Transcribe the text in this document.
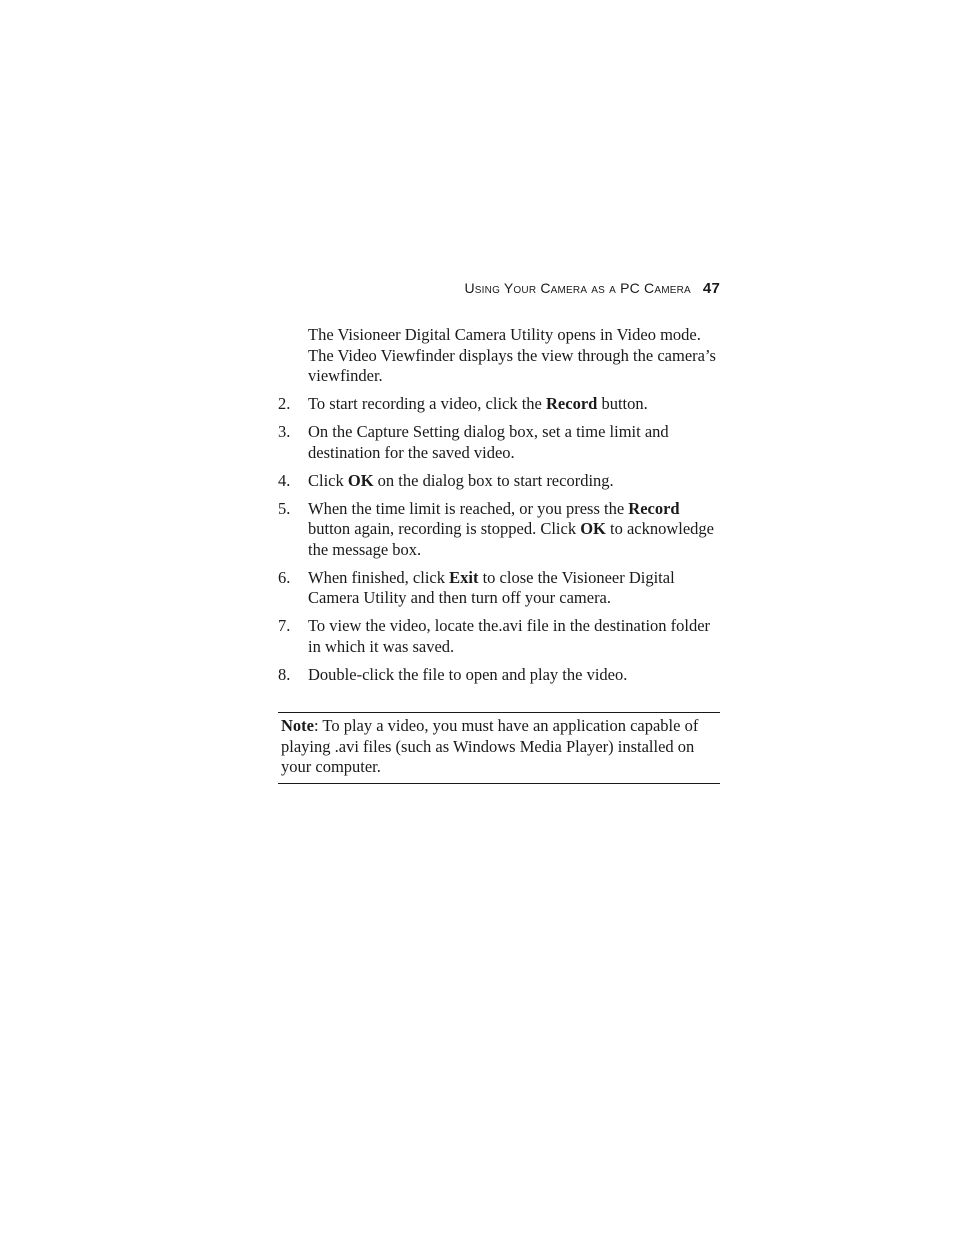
Using Your Camera as a PC Camera 47
The Visioneer Digital Camera Utility opens in Video mode. The Video Viewfinder displays the view through the camera’s viewfinder.
2. To start recording a video, click the Record button.
3. On the Capture Setting dialog box, set a time limit and destination for the saved video.
4. Click OK on the dialog box to start recording.
5. When the time limit is reached, or you press the Record button again, recording is stopped. Click OK to acknowledge the message box.
6. When finished, click Exit to close the Visioneer Digital Camera Utility and then turn off your camera.
7. To view the video, locate the.avi file in the destination folder in which it was saved.
8. Double-click the file to open and play the video.
Note: To play a video, you must have an application capable of playing .avi files (such as Windows Media Player) installed on your computer.
